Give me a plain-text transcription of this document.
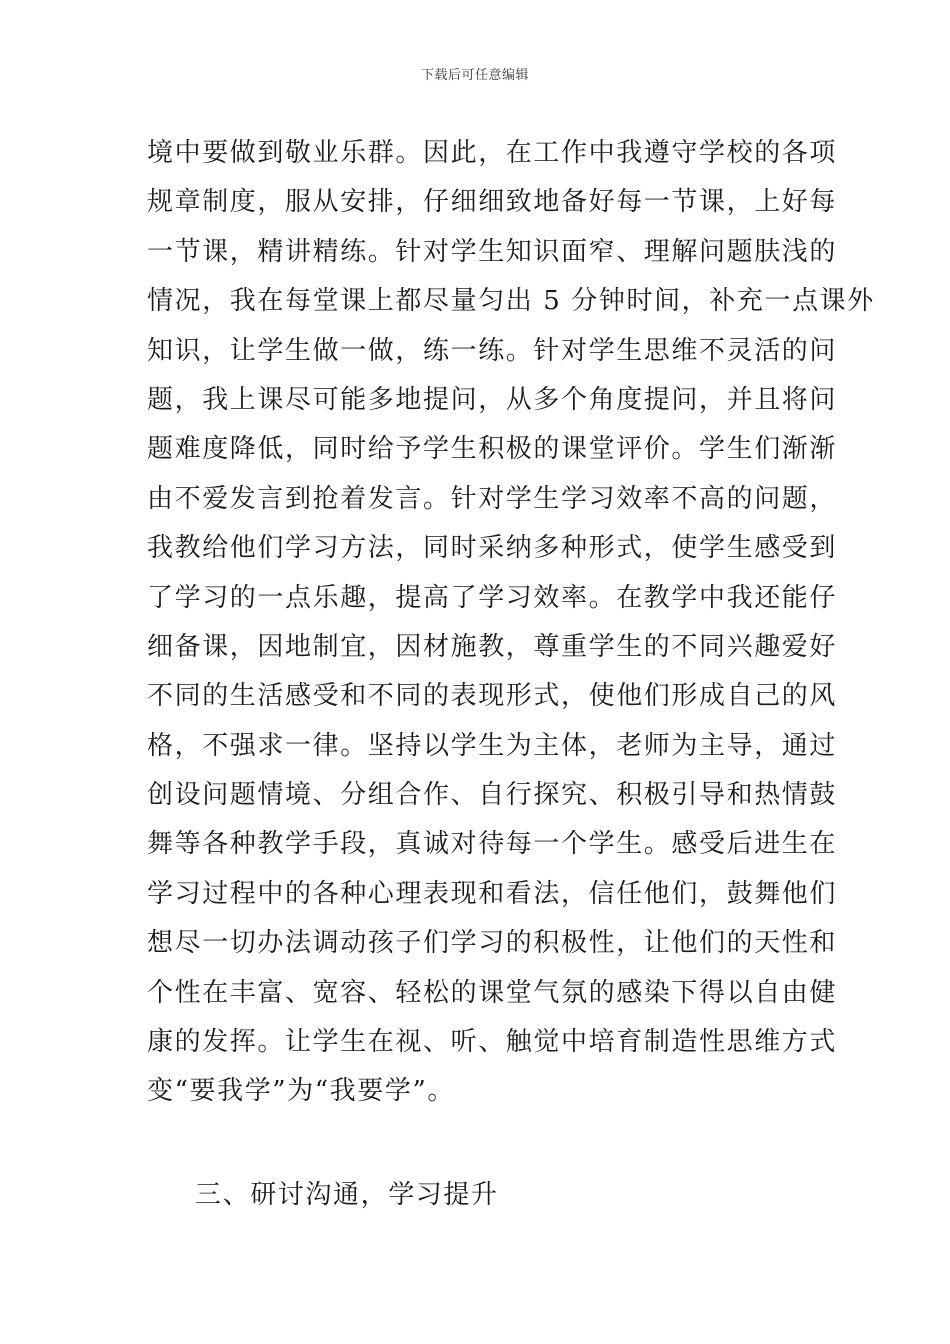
下载后可任意编辑
境中要做到敬业乐群。因此，在工作中我遵守学校的各项
规章制度，服从安排，仔细细致地备好每一节课，上好每
一节课，精讲精练。针对学生知识面窄、理解问题肤浅的
情况，我在每堂课上都尽量匀出 5 分钟时间，补充一点课外
知识，让学生做一做，练一练。针对学生思维不灵活的问
题，我上课尽可能多地提问，从多个角度提问，并且将问
题难度降低，同时给予学生积极的课堂评价。学生们渐渐
由不爱发言到抢着发言。针对学生学习效率不高的问题，
我教给他们学习方法，同时采纳多种形式，使学生感受到
了学习的一点乐趣，提高了学习效率。在教学中我还能仔
细备课，因地制宜，因材施教，尊重学生的不同兴趣爱好
不同的生活感受和不同的表现形式，使他们形成自己的风
格，不强求一律。坚持以学生为主体，老师为主导，通过
创设问题情境、分组合作、自行探究、积极引导和热情鼓
舞等各种教学手段，真诚对待每一个学生。感受后进生在
学习过程中的各种心理表现和看法，信任他们，鼓舞他们
想尽一切办法调动孩子们学习的积极性，让他们的天性和
个性在丰富、宽容、轻松的课堂气氛的感染下得以自由健
康的发挥。让学生在视、听、触觉中培育制造性思维方式
变“要我学”为“我要学”。
三、研讨沟通，学习提升
